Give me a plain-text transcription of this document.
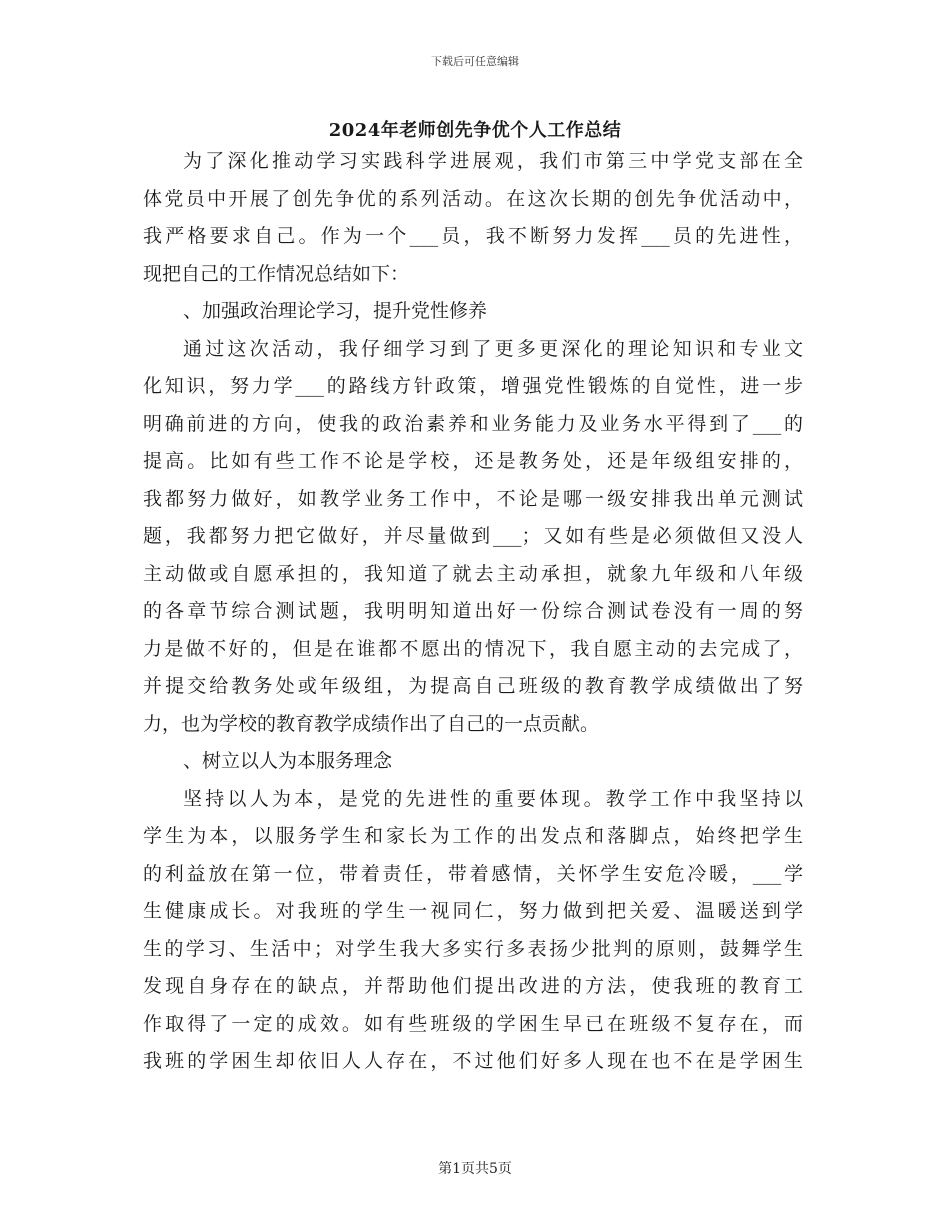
下载后可任意编辑
2024年老师创先争优个人工作总结
为了深化推动学习实践科学进展观，我们市第三中学党支部在全
体党员中开展了创先争优的系列活动。在这次长期的创先争优活动中，
我严格要求自己。作为一个___员，我不断努力发挥___员的先进性，
现把自己的工作情况总结如下：
、加强政治理论学习，提升党性修养
通过这次活动，我仔细学习到了更多更深化的理论知识和专业文
化知识，努力学___的路线方针政策，增强党性锻炼的自觉性，进一步
明确前进的方向，使我的政治素养和业务能力及业务水平得到了___的
提高。比如有些工作不论是学校，还是教务处，还是年级组安排的，
我都努力做好，如教学业务工作中，不论是哪一级安排我出单元测试
题，我都努力把它做好，并尽量做到___；又如有些是必须做但又没人
主动做或自愿承担的，我知道了就去主动承担，就象九年级和八年级
的各章节综合测试题，我明明知道出好一份综合测试卷没有一周的努
力是做不好的，但是在谁都不愿出的情况下，我自愿主动的去完成了，
并提交给教务处或年级组，为提高自己班级的教育教学成绩做出了努
力，也为学校的教育教学成绩作出了自己的一点贡献。
、树立以人为本服务理念
坚持以人为本，是党的先进性的重要体现。教学工作中我坚持以
学生为本，以服务学生和家长为工作的出发点和落脚点，始终把学生
的利益放在第一位，带着责任，带着感情，关怀学生安危冷暖，___学
生健康成长。对我班的学生一视同仁，努力做到把关爱、温暖送到学
生的学习、生活中；对学生我大多实行多表扬少批判的原则，鼓舞学生
发现自身存在的缺点，并帮助他们提出改进的方法，使我班的教育工
作取得了一定的成效。如有些班级的学困生早已在班级不复存在，而
我班的学困生却依旧人人存在，不过他们好多人现在也不在是学困生
第1页共5页
